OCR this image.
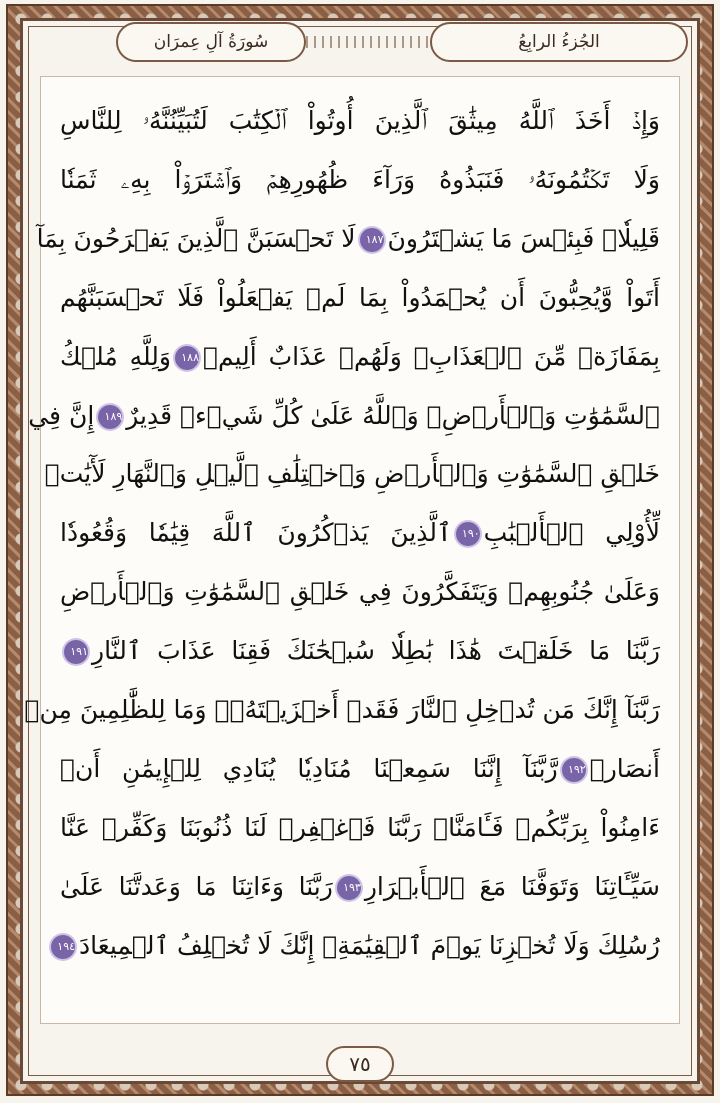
الجُزءُ الرابِعُ
سُورَةُ آلِ عِمرَان
وَإِذۡ أَخَذَ ٱللَّهُ مِيثَٰقَ ٱلَّذِينَ أُوتُواْ ٱلۡكِتَٰبَ لَتُبَيِّنُنَّهُۥ لِلنَّاسِ
وَلَا تَكۡتُمُونَهُۥ فَنَبَذُوهُ وَرَآءَ ظُهُورِهِمۡ وَٱشۡتَرَوۡاْ بِهِۦ ثَمَنٗا
قَلِيلٗاۖ فَبِئۡسَ مَا يَشۡتَرُونَ١٨٧لَا تَحۡسَبَنَّ ٱلَّذِينَ يَفۡرَحُونَ بِمَآ
أَتَواْ وَّيُحِبُّونَ أَن يُحۡمَدُواْ بِمَا لَمۡ يَفۡعَلُواْ فَلَا تَحۡسَبَنَّهُم
بِمَفَازَةٖ مِّنَ ٱلۡعَذَابِۖ وَلَهُمۡ عَذَابٌ أَلِيمٞ١٨٨وَلِلَّهِ مُلۡكُ
ٱلسَّمَٰوَٰتِ وَٱلۡأَرۡضِۗ وَٱللَّهُ عَلَىٰ كُلِّ شَيۡءٖ قَدِيرٌ١٨٩إِنَّ فِي
خَلۡقِ ٱلسَّمَٰوَٰتِ وَٱلۡأَرۡضِ وَٱخۡتِلَٰفِ ٱلَّيۡلِ وَٱلنَّهَارِ لَأٓيَٰتٖ
لِّأُوْلِي ٱلۡأَلۡبَٰبِ١٩٠ٱلَّذِينَ يَذۡكُرُونَ ٱللَّهَ قِيَٰمٗا وَقُعُودٗا
وَعَلَىٰ جُنُوبِهِمۡ وَيَتَفَكَّرُونَ فِي خَلۡقِ ٱلسَّمَٰوَٰتِ وَٱلۡأَرۡضِ
رَبَّنَا مَا خَلَقۡتَ هَٰذَا بَٰطِلٗا سُبۡحَٰنَكَ فَقِنَا عَذَابَ ٱلنَّارِ١٩١
رَبَّنَآ إِنَّكَ مَن تُدۡخِلِ ٱلنَّارَ فَقَدۡ أَخۡزَيۡتَهُۥۖ وَمَا لِلظَّٰلِمِينَ مِنۡ
أَنصَارٖ١٩٢رَّبَّنَآ إِنَّنَا سَمِعۡنَا مُنَادِيٗا يُنَادِي لِلۡإِيمَٰنِ أَنۡ
ءَامِنُواْ بِرَبِّكُمۡ فَـَٔامَنَّاۚ رَبَّنَا فَٱغۡفِرۡ لَنَا ذُنُوبَنَا وَكَفِّرۡ عَنَّا
سَيِّـَٔاتِنَا وَتَوَفَّنَا مَعَ ٱلۡأَبۡرَارِ١٩٣رَبَّنَا وَءَاتِنَا مَا وَعَدتَّنَا عَلَىٰ
رُسُلِكَ وَلَا تُخۡزِنَا يَوۡمَ ٱلۡقِيَٰمَةِۖ إِنَّكَ لَا تُخۡلِفُ ٱلۡمِيعَادَ١٩٤
٧٥
